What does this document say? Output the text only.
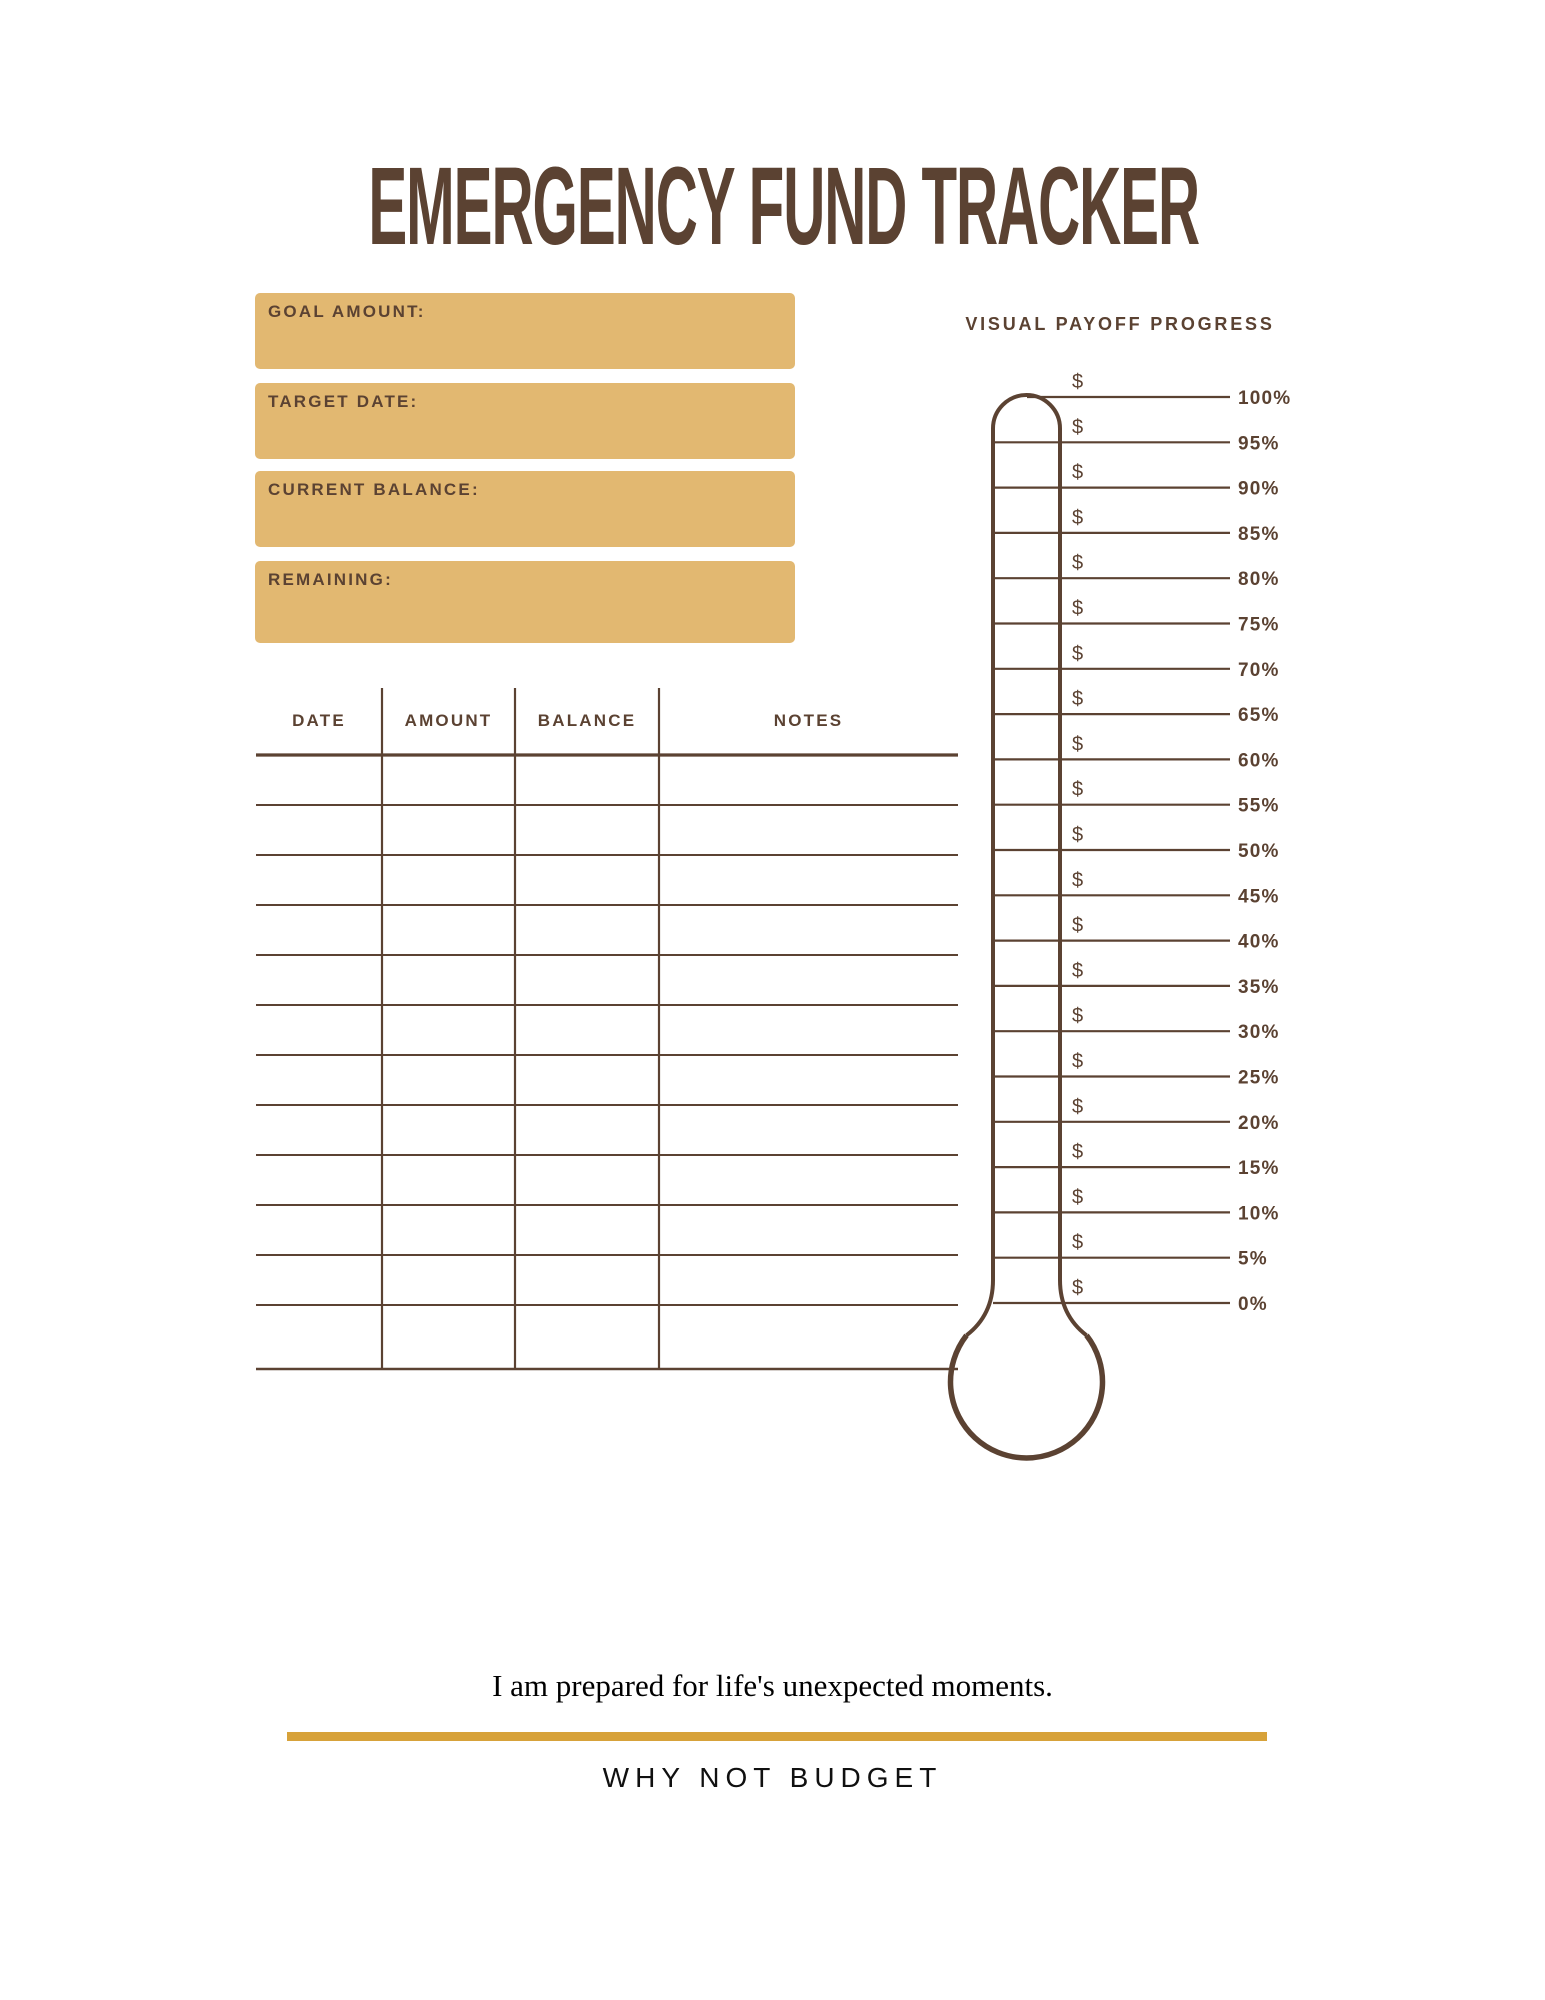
EMERGENCY FUND TRACKER
GOAL AMOUNT:
TARGET DATE:
CURRENT BALANCE:
REMAINING:
DATE	AMOUNT	BALANCE	NOTES
VISUAL PAYOFF PROGRESS
$
100%
$
95%
$
90%
$
85%
$
80%
$
75%
$
70%
$
65%
$
60%
$
55%
$
50%
$
45%
$
40%
$
35%
$
30%
$
25%
$
20%
$
15%
$
10%
$
5%
$
0%
I am prepared for life's unexpected moments.
WHY NOT BUDGET
